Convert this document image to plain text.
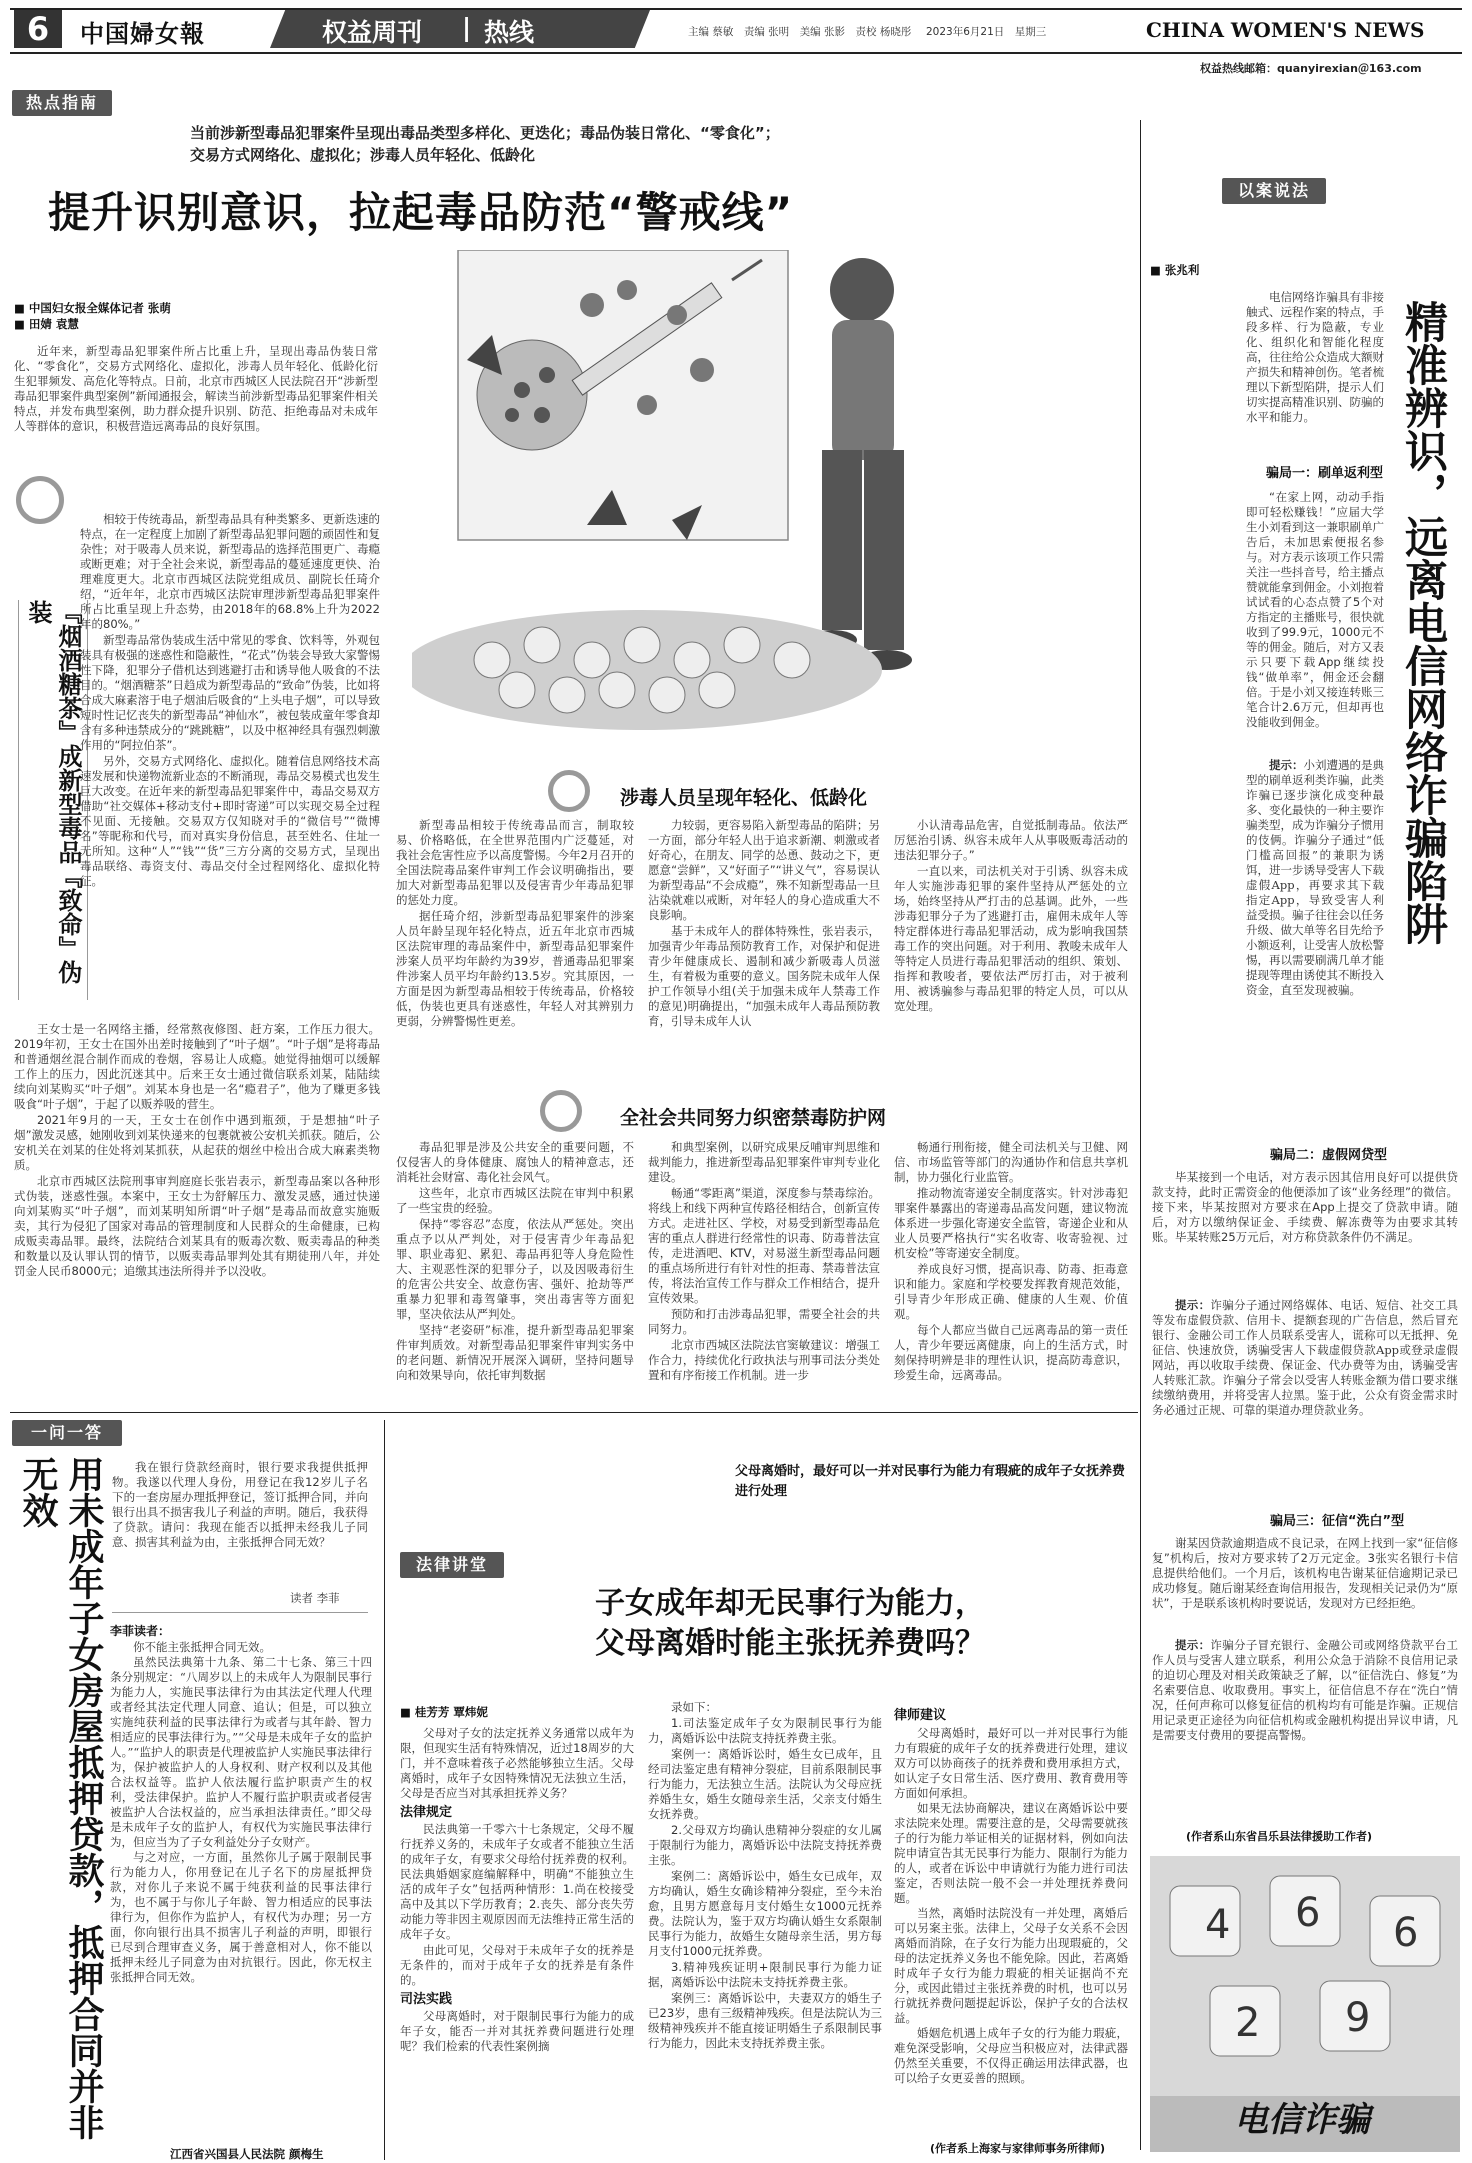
6	中国婦女報	权益周刊 | 热线	主编 蔡敏　责编 张明　美编 张影　责校 杨晓彤 2023年6月21日　星期三	CHINA WOMEN'S NEWS
权益热线邮箱：quanyirexian＠163.com
热点指南
当前涉新型毒品犯罪案件呈现出毒品类型多样化、更迭化；毒品伪装日常化、“零食化”；
交易方式网络化、虚拟化；涉毒人员年轻化、低龄化
提升识别意识，拉起毒品防范“警戒线”
■ 中国妇女报全媒体记者 张萌
■ 田婧 袁慧

近年来，新型毒品犯罪案件所占比重上升，呈现出毒品伪装日常化、“零食化”，交易方式网络化、虚拟化，涉毒人员年轻化、低龄化衍生犯罪频发、高危化等特点。日前，北京市西城区人民法院召开“涉新型毒品犯罪案件典型案例”新闻通报会，解读当前涉新型毒品犯罪案件相关特点，并发布典型案例，助力群众提升识别、防范、拒绝毒品对未成年人等群体的意识，积极营造远离毒品的良好氛围。

『烟酒糖茶』成新型毒品『致命』伪装

相较于传统毒品，新型毒品具有种类繁多、更新迭速的特点，在一定程度上加剧了新型毒品犯罪问题的顽固性和复杂性；对于吸毒人员来说，新型毒品的选择范围更广、毒瘾或断更难；对于全社会来说，新型毒品的蔓延速度更快、治理难度更大。北京市西城区法院党组成员、副院长任琦介绍，“近年年，北京市西城区法院审理涉新型毒品犯罪案件所占比重呈现上升态势，由2018年的68.8%上升为2022年的80%。”

新型毒品常伪装成生活中常见的零食、饮料等，外观包装具有极强的迷惑性和隐蔽性，“花式”伪装会导致大家警惕性下降，犯罪分子借机达到逃避打击和诱导他人吸食的不法目的。“烟酒糖茶”日趋成为新型毒品的“致命”伪装，比如将合成大麻素溶于电子烟油后吸食的“上头电子烟”，可以导致短时性记忆丧失的新型毒品“神仙水”，被包装成童年零食却含有多种违禁成分的“跳跳糖”，以及中枢神经具有强烈刺激作用的“阿拉伯茶”。

另外，交易方式网络化、虚拟化。随着信息网络技术高速发展和快递物流新业态的不断涌现，毒品交易模式也发生巨大改变。在近年来的新型毒品犯罪案件中，毒品交易双方借助“社交媒体+移动支付+即时寄递”可以实现交易全过程不见面、无接触。交易双方仅知晓对手的“微信号”“微博名”等昵称和代号，而对真实身份信息，甚至姓名、住址一无所知。这种“人”“钱”“货”三方分离的交易方式，呈现出毒品联络、毒资支付、毒品交付全过程网络化、虚拟化特征。

王女士是一名网络主播，经常熬夜修图、赶方案，工作压力很大。2019年初，王女士在国外出差时接触到了“叶子烟”。“叶子烟”是将毒品和普通烟丝混合制作而成的卷烟，容易让人成瘾。她觉得抽烟可以缓解工作上的压力，因此沉迷其中。后来王女士通过微信联系刘某，陆陆续续向刘某购买“叶子烟”。刘某本身也是一名“瘾君子”，他为了赚更多钱吸食“叶子烟”，于起了以贩养吸的营生。

2021年9月的一天，王女士在创作中遇到瓶颈，于是想抽“叶子烟”激发灵感，她刚收到刘某快递来的包裹就被公安机关抓获。随后，公安机关在刘某的住处将刘某抓获，从起获的烟丝中检出合成大麻素类物质。

北京市西城区法院刑事审判庭庭长张岩表示，新型毒品案以各种形式伪装，迷惑性强。本案中，王女士为舒解压力、激发灵感，通过快递向刘某购买“叶子烟”，而刘某明知所谓“叶子烟”是毒品而故意实施贩卖，其行为侵犯了国家对毒品的管理制度和人民群众的生命健康，已构成贩卖毒品罪。最终，法院结合刘某具有的贩毒次数、贩卖毒品的种类和数量以及认罪认罚的情节，以贩卖毒品罪判处其有期徒刑八年，并处罚金人民币8000元；追缴其违法所得并予以没收。

涉毒人员呈现年轻化、低龄化

新型毒品相较于传统毒品而言，制取较易、价格略低，在全世界范围内广泛蔓延，对我社会危害性应予以高度警惕。今年2月召开的全国法院毒品案件审判工作会议明确指出，要加大对新型毒品犯罪以及侵害青少年毒品犯罪的惩处力度。

据任琦介绍，涉新型毒品犯罪案件的涉案人员年龄呈现年轻化特点，近五年北京市西城区法院审理的毒品案件中，新型毒品犯罪案件涉案人员平均年龄约为39岁，普通毒品犯罪案件涉案人员平均年龄约13.5岁。究其原因，一方面是因为新型毒品相较于传统毒品，价格较低，伪装也更具有迷惑性，年轻人对其辨别力更弱，分辨警惕性更差。

力较弱，更容易陷入新型毒品的陷阱；另一方面，部分年轻人出于追求新潮、刺激或者好奇心，在朋友、同学的怂恿、鼓动之下，更愿意“尝鲜”，又“好面子”“讲义气”，容易误认为新型毒品“不会成瘾”，殊不知新型毒品一旦沾染就难以戒断，对年轻人的身心造成重大不良影响。

基于未成年人的群体特殊性，张岩表示，加强青少年毒品预防教育工作，对保护和促进青少年健康成长、遏制和减少新吸毒人员滋生，有着极为重要的意义。国务院未成年人保护工作领导小组(关于加强未成年人禁毒工作的意见)明确提出，“加强未成年人毒品预防教育，引导未成年人认

小认清毒品危害，自觉抵制毒品。依法严厉惩治引诱、纵容未成年人从事吸贩毒活动的违法犯罪分子。”

一直以来，司法机关对于引诱、纵容未成年人实施涉毒犯罪的案件坚持从严惩处的立场，始终坚持从严打击的总基调。此外，一些涉毒犯罪分子为了逃避打击，雇佣未成年人等特定群体进行毒品犯罪活动，成为影响我国禁毒工作的突出问题。对于利用、教唆未成年人等特定人员进行毒品犯罪活动的组织、策划、指挥和教唆者，要依法严厉打击，对于被利用、被诱骗参与毒品犯罪的特定人员，可以从宽处理。

全社会共同努力织密禁毒防护网

毒品犯罪是涉及公共安全的重要问题，不仅侵害人的身体健康、腐蚀人的精神意志，还消耗社会财富、毒化社会风气。

这些年，北京市西城区法院在审判中积累了一些宝贵的经验。

保持“零容忍”态度，依法从严惩处。突出重点予以从严判处，对于侵害青少年毒品犯罪、职业毒犯、累犯、毒品再犯等人身危险性大、主观恶性深的犯罪分子，以及因吸毒衍生的危害公共安全、故意伤害、强奸、抢劫等严重暴力犯罪和毒驾肇事，突出毒害等方面犯罪，坚决依法从严判处。

坚持“老姿研”标准，提升新型毒品犯罪案件审判质效。对新型毒品犯罪案件审判实务中的老问题、新情况开展深入调研，坚持问题导向和效果导向，依托审判数据

和典型案例，以研究成果反哺审判思维和裁判能力，推进新型毒品犯罪案件审判专业化建设。

畅通“零距离”渠道，深度参与禁毒综治。将线上和线下两种宣传路径相结合，创新宣传方式。走进社区、学校，对易受到新型毒品危害的重点人群进行经常性的识毒、防毒普法宣传，走进酒吧、KTV，对易滋生新型毒品问题的重点场所进行有针对性的拒毒、禁毒普法宣传，将法治宣传工作与群众工作相结合，提升宣传效果。

预防和打击涉毒品犯罪，需要全社会的共同努力。

北京市西城区法院法官窦敏建议：增强工作合力，持续优化行政执法与刑事司法分类处置和有序衔接工作机制。进一步

畅通行刑衔接，健全司法机关与卫健、网信、市场监管等部门的沟通协作和信息共享机制，协力强化行业监管。

推动物流寄递安全制度落实。针对涉毒犯罪案件暴露出的寄递毒品高发问题，建议物流体系进一步强化寄递安全监管，寄递企业和从业人员要严格执行“实名收寄、收寄验视、过机安检”等寄递安全制度。

养成良好习惯，提高识毒、防毒、拒毒意识和能力。家庭和学校要发挥教育规范效能，引导青少年形成正确、健康的人生观、价值观。

每个人都应当做自己远离毒品的第一责任人，青少年要远离健康，向上的生活方式，时刻保持明辨是非的理性认识，提高防毒意识，珍爱生命，远离毒品。

以案说法
■ 张兆利
精准辨识，远离电信网络诈骗陷阱

电信网络诈骗具有非接触式、远程作案的特点，手段多样、行为隐蔽，专业化、组织化和智能化程度高，往往给公众造成大额财产损失和精神创伤。笔者梳理以下新型陷阱，提示人们切实提高精准识别、防骗的水平和能力。

骗局一：刷单返利型

“在家上网，动动手指即可轻松赚钱！”应届大学生小刘看到这一兼职刷单广告后，未加思索便报名参与。对方表示该项工作只需关注一些抖音号，给主播点赞就能拿到佣金。小刘抱着试试看的心态点赞了5个对方指定的主播账号，很快就收到了99.9元，1000元不等的佣金。随后，对方又表示只要下载App继续投钱“做单率”，佣金还会翻倍。于是小刘又接连转账三笔合计2.6万元，但却再也没能收到佣金。

提示：小刘遭遇的是典型的刷单返利类诈骗，此类诈骗已逐步演化成变种最多、变化最快的一种主要诈骗类型，成为诈骗分子惯用的伎俩。诈骗分子通过“低门槛高回报”的兼职为诱饵，进一步诱导受害人下载虚假App，再要求其下载指定App，导致受害人利益受损。骗子往往会以任务升级、做大单等名目先给予小额返利，让受害人放松警惕，再以需要刷满几单才能提现等理由诱使其不断投入资金，直至发现被骗。

骗局二：虚假网贷型

毕某接到一个电话，对方表示因其信用良好可以提供贷款支持，此时正需资金的他便添加了该“业务经理”的微信。接下来，毕某按照对方要求在App上提交了贷款申请。随后，对方以缴纳保证金、手续费、解冻费等为由要求其转账。毕某转账25万元后，对方称贷款条件仍不满足。

提示：诈骗分子通过网络媒体、电话、短信、社交工具等发布虚假贷款、信用卡、提额套现的广告信息，然后冒充银行、金融公司工作人员联系受害人，谎称可以无抵押、免征信、快速放贷，诱骗受害人下载虚假贷款App或登录虚假网站，再以收取手续费、保证金、代办费等为由，诱骗受害人转账汇款。诈骗分子常会以受害人转账金额为借口要求继续缴纳费用，并将受害人拉黑。鉴于此，公众有资金需求时务必通过正规、可靠的渠道办理贷款业务。

骗局三：征信“洗白”型

谢某因贷款逾期造成不良记录，在网上找到一家“征信修复”机构后，按对方要求转了2万元定金。3张实名银行卡信息提供给他们。一个月后，该机构电告谢某征信逾期记录已成功修复。随后谢某经查询信用报告，发现相关记录仍为“原状”，于是联系该机构时要说话，发现对方已经拒绝。

提示：诈骗分子冒充银行、金融公司或网络贷款平台工作人员与受害人建立联系，利用公众急于消除不良信用记录的迫切心理及对相关政策缺乏了解，以“征信洗白、修复”为名索要信息、收取费用。事实上，征信信息不存在“洗白”情况，任何声称可以修复征信的机构均有可能是诈骗。正规信用记录更正途径为向征信机构或金融机构提出异议申请，凡是需要支付费用的要提高警惕。

(作者系山东省昌乐县法律援助工作者)
4 6 6
2 9
电信诈骗
一问一答
用未成年子女房屋抵押贷款，抵押合同并非无效	我在银行贷款经商时，银行要求我提供抵押物。我遂以代理人身份，用登记在我12岁儿子名下的一套房屋办理抵押登记，签订抵押合同，并向银行出具不损害我儿子利益的声明。随后，我获得了贷款。请问：我现在能否以抵押未经我儿子同意、损害其利益为由，主张抵押合同无效？

读者 李菲
李菲读者：

你不能主张抵押合同无效。

虽然民法典第十九条、第二十七条、第三十四条分别规定：“八周岁以上的未成年人为限制民事行为能力人，实施民事法律行为由其法定代理人代理或者经其法定代理人同意、追认；但是，可以独立实施纯获利益的民事法律行为或者与其年龄、智力相适应的民事法律行为。”“父母是未成年子女的监护人。”“监护人的职责是代理被监护人实施民事法律行为，保护被监护人的人身权利、财产权利以及其他合法权益等。监护人依法履行监护职责产生的权利，受法律保护。监护人不履行监护职责或者侵害被监护人合法权益的，应当承担法律责任。”即父母是未成年子女的监护人，有权代为实施民事法律行为，但应当为了子女利益处分子女财产。

与之对应，一方面，虽然你儿子属于限制民事行为能力人，你用登记在儿子名下的房屋抵押贷款，对你儿子来说不属于纯获利益的民事法律行为，也不属于与你儿子年龄、智力相适应的民事法律行为，但你作为监护人，有权代为办理；另一方面，你向银行出具不损害儿子利益的声明，即银行已尽到合理审查义务，属于善意相对人，你不能以抵押未经儿子同意为由对抗银行。因此，你无权主张抵押合同无效。

江西省兴国县人民法院 颜梅生
父母离婚时，最好可以一并对民事行为能力有瑕疵的成年子女抚养费进行处理
法律讲堂
子女成年却无民事行为能力，
父母离婚时能主张抚养费吗？
■ 桂芳芳 覃炜妮

父母对子女的法定抚养义务通常以成年为限，但现实生活有特殊情况，近过18周岁的大门，并不意味着孩子必然能够独立生活。父母离婚时，成年子女因特殊情况无法独立生活，父母是否应当对其承担抚养义务？

法律规定

民法典第一千零六十七条规定，父母不履行抚养义务的，未成年子女或者不能独立生活的成年子女，有要求父母给付抚养费的权利。民法典婚姻家庭编解释中，明确“不能独立生活的成年子女”包括两种情形：1.尚在校接受高中及其以下学历教育；2.丧失、部分丧失劳动能力等非因主观原因而无法维持正常生活的成年子女。

由此可见，父母对于未成年子女的抚养是无条件的，而对于成年子女的抚养是有条件的。

司法实践

父母离婚时，对于限制民事行为能力的成年子女，能否一并对其抚养费问题进行处理呢？我们检索的代表性案例摘

录如下：

1.司法鉴定成年子女为限制民事行为能力，离婚诉讼中法院支持抚养费主张。

案例一：离婚诉讼时，婚生女已成年，且经司法鉴定患有精神分裂症，目前系限制民事行为能力，无法独立生活。法院认为父母应抚养婚生女，婚生女随母亲生活，父亲支付婚生女抚养费。

2.父母双方均确认患精神分裂症的女儿属于限制行为能力，离婚诉讼中法院支持抚养费主张。

案例二：离婚诉讼中，婚生女已成年，双方均确认，婚生女确诊精神分裂症，至今未治愈，且男方愿意每月支付婚生女1000元抚养费。法院认为，鉴于双方均确认婚生女系限制民事行为能力，故婚生女随母亲生活，男方每月支付1000元抚养费。

3.精神残疾证明+限制民事行为能力证据，离婚诉讼中法院未支持抚养费主张。

案例三：离婚诉讼中，夫妻双方的婚生子已23岁，患有三级精神残疾。但是法院认为三级精神残疾并不能直接证明婚生子系限制民事行为能力，因此未支持抚养费主张。

律师建议

父母离婚时，最好可以一并对民事行为能力有瑕疵的成年子女的抚养费进行处理，建议双方可以协商孩子的抚养费和费用承担方式，如认定子女日常生活、医疗费用、教育费用等方面如何承担。

如果无法协商解决，建议在离婚诉讼中要求法院来处理。需要注意的是，父母需要就孩子的行为能力举证相关的证据材料，例如向法院申请宣告其无民事行为能力、限制行为能力的人，或者在诉讼中申请就行为能力进行司法鉴定，否则法院一般不会一并处理抚养费问题。

当然，离婚时法院没有一并处理，离婚后可以另案主张。法律上，父母子女关系不会因离婚而消除，在子女行为能力出现瑕疵的，父母的法定抚养义务也不能免除。因此，若离婚时成年子女行为能力瑕疵的相关证据尚不充分，或因此错过主张抚养费的时机，也可以另行就抚养费问题提起诉讼，保护子女的合法权益。

婚姻危机遇上成年子女的行为能力瑕疵，难免深受影响，父母应当积极应对，法律武器仍然至关重要，不仅得正确运用法律武器，也可以给子女更妥善的照顾。

(作者系上海家与家律师事务所律师)
